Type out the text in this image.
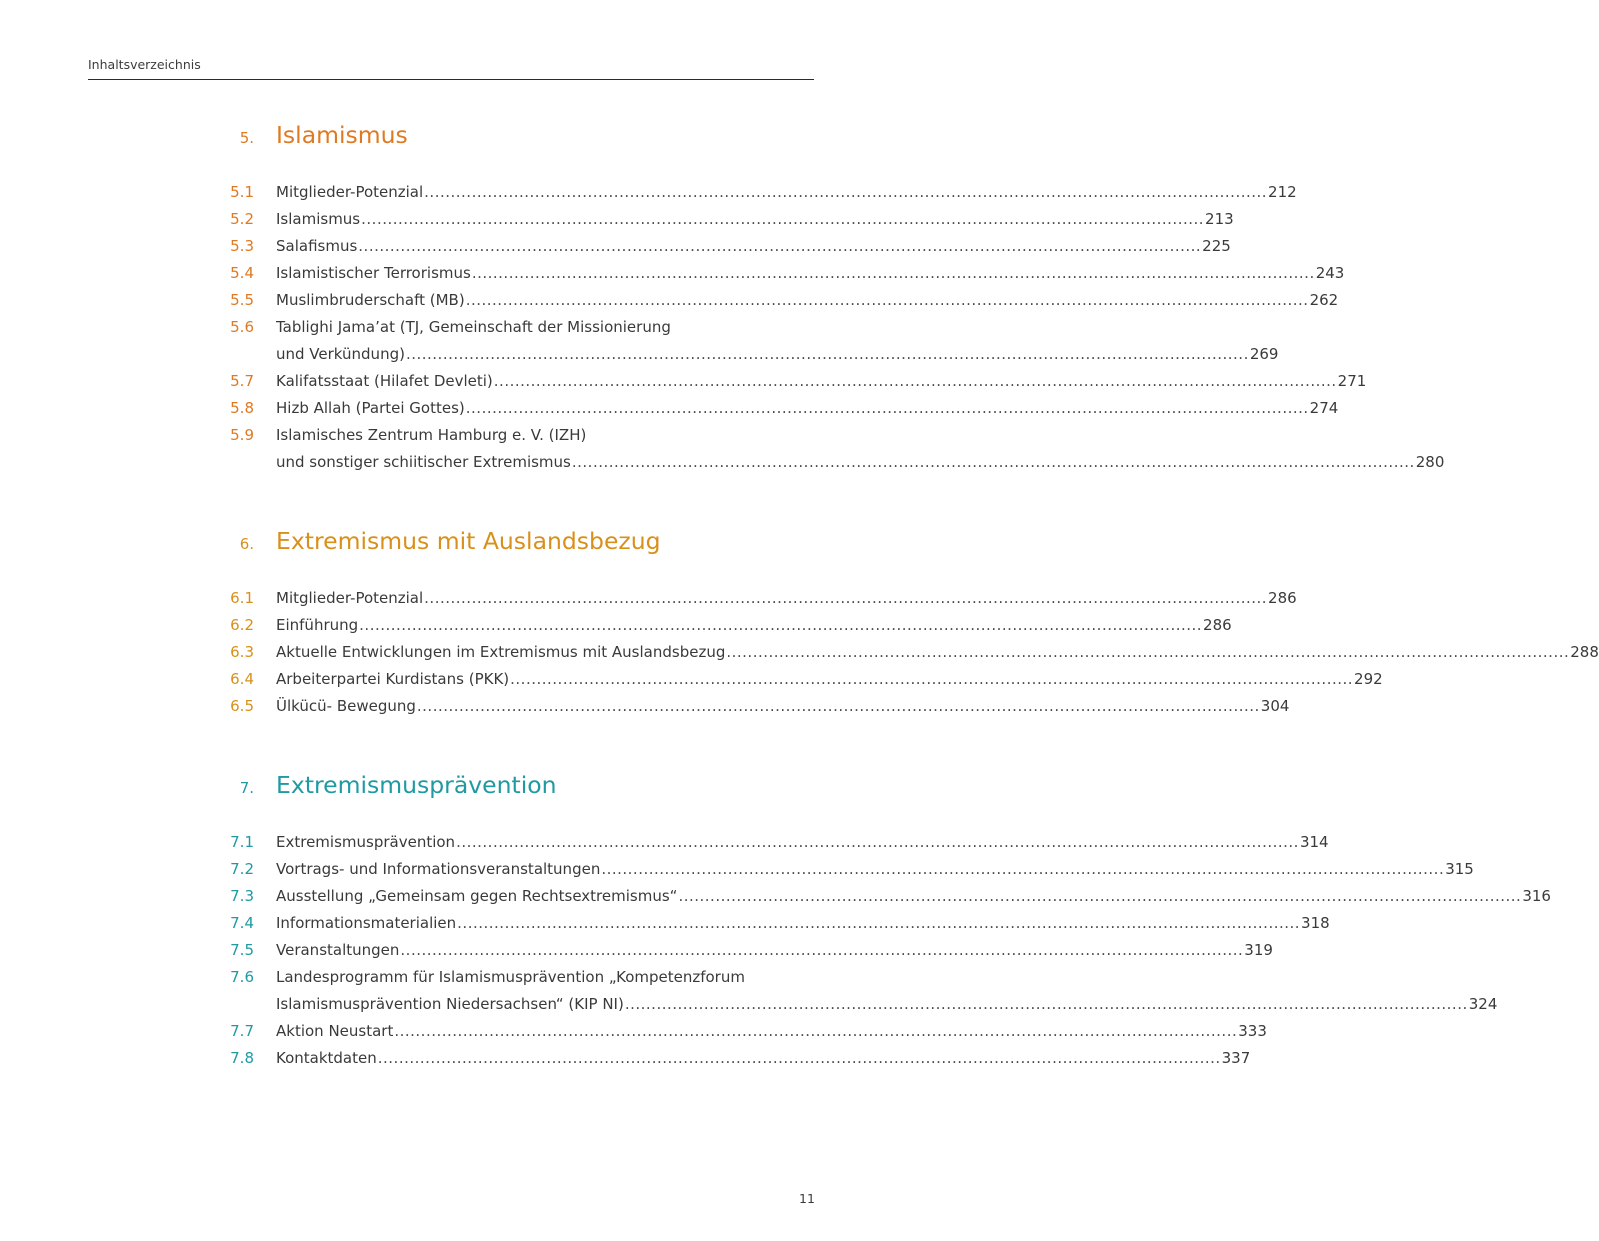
Inhaltsverzeichnis
5. Islamismus
5.1 Mitglieder-Potenzial ................................................................................................................................................................ 212
5.2 Islamismus ................................................................................................................................................................ 213
5.3 Salafismus ................................................................................................................................................................ 225
5.4 Islamistischer Terrorismus ................................................................................................................................................................ 243
5.5 Muslimbruderschaft (MB) ................................................................................................................................................................ 262
5.6 Tablighi Jama’at (TJ, Gemeinschaft der Missionierung
und Verkündung) ................................................................................................................................................................ 269
5.7 Kalifatsstaat (Hilafet Devleti) ................................................................................................................................................................ 271
5.8 Hizb Allah (Partei Gottes) ................................................................................................................................................................ 274
5.9 Islamisches Zentrum Hamburg e. V. (IZH)
und sonstiger schiitischer Extremismus ................................................................................................................................................................ 280
6. Extremismus mit Auslandsbezug
6.1 Mitglieder-Potenzial ................................................................................................................................................................ 286
6.2 Einführung ................................................................................................................................................................ 286
6.3 Aktuelle Entwicklungen im Extremismus mit Auslandsbezug ................................................................................................................................................................ 288
6.4 Arbeiterpartei Kurdistans (PKK) ................................................................................................................................................................ 292
6.5 Ülkücü- Bewegung ................................................................................................................................................................ 304
7. Extremismusprävention
7.1 Extremismusprävention ................................................................................................................................................................ 314
7.2 Vortrags- und Informationsveranstaltungen ................................................................................................................................................................ 315
7.3 Ausstellung „Gemeinsam gegen Rechtsextremismus“ ................................................................................................................................................................ 316
7.4 Informationsmaterialien ................................................................................................................................................................ 318
7.5 Veranstaltungen ................................................................................................................................................................ 319
7.6 Landesprogramm für Islamismusprävention „Kompetenzforum
Islamismusprävention Niedersachsen“ (KIP NI) ................................................................................................................................................................ 324
7.7 Aktion Neustart ................................................................................................................................................................ 333
7.8 Kontaktdaten ................................................................................................................................................................ 337
11
